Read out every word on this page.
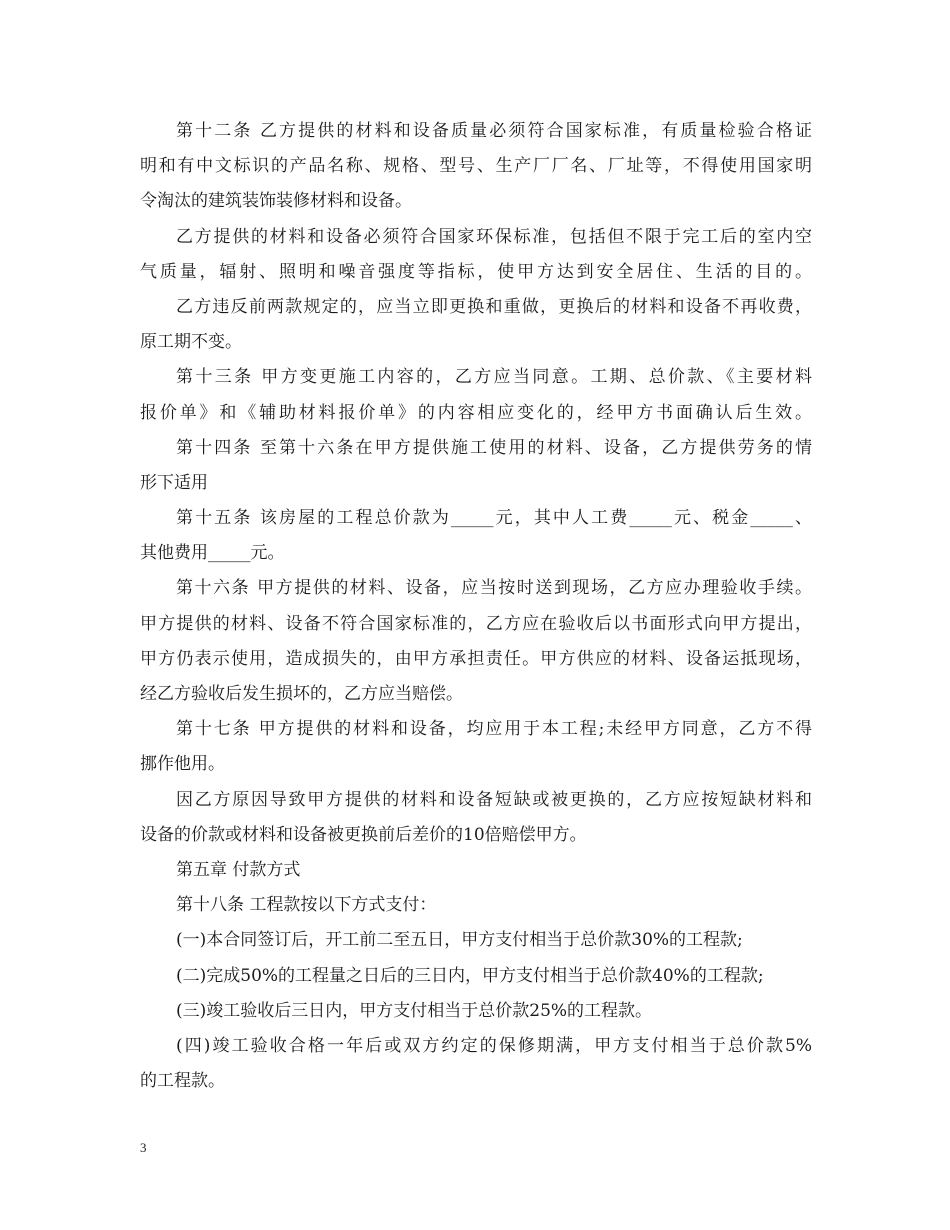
第十二条 乙方提供的材料和设备质量必须符合国家标准，有质量检验合格证
明和有中文标识的产品名称、规格、型号、生产厂厂名、厂址等，不得使用国家明
令淘汰的建筑装饰装修材料和设备。
乙方提供的材料和设备必须符合国家环保标准，包括但不限于完工后的室内空
气质量，辐射、照明和噪音强度等指标，使甲方达到安全居住、生活的目的。
乙方违反前两款规定的，应当立即更换和重做，更换后的材料和设备不再收费，
原工期不变。
第十三条 甲方变更施工内容的，乙方应当同意。工期、总价款、《主要材料
报价单》和《辅助材料报价单》的内容相应变化的，经甲方书面确认后生效。
第十四条 至第十六条在甲方提供施工使用的材料、设备，乙方提供劳务的情
形下适用
第十五条 该房屋的工程总价款为_____元，其中人工费_____元、税金_____、
其他费用_____元。
第十六条 甲方提供的材料、设备，应当按时送到现场，乙方应办理验收手续。
甲方提供的材料、设备不符合国家标准的，乙方应在验收后以书面形式向甲方提出，
甲方仍表示使用，造成损失的，由甲方承担责任。甲方供应的材料、设备运抵现场，
经乙方验收后发生损坏的，乙方应当赔偿。
第十七条 甲方提供的材料和设备，均应用于本工程;未经甲方同意，乙方不得
挪作他用。
因乙方原因导致甲方提供的材料和设备短缺或被更换的，乙方应按短缺材料和
设备的价款或材料和设备被更换前后差价的10倍赔偿甲方。
第五章 付款方式
第十八条 工程款按以下方式支付：
(一)本合同签订后，开工前二至五日，甲方支付相当于总价款30%的工程款;
(二)完成50%的工程量之日后的三日内，甲方支付相当于总价款40%的工程款;
(三)竣工验收后三日内，甲方支付相当于总价款25%的工程款。
(四)竣工验收合格一年后或双方约定的保修期满，甲方支付相当于总价款5%
的工程款。
3
